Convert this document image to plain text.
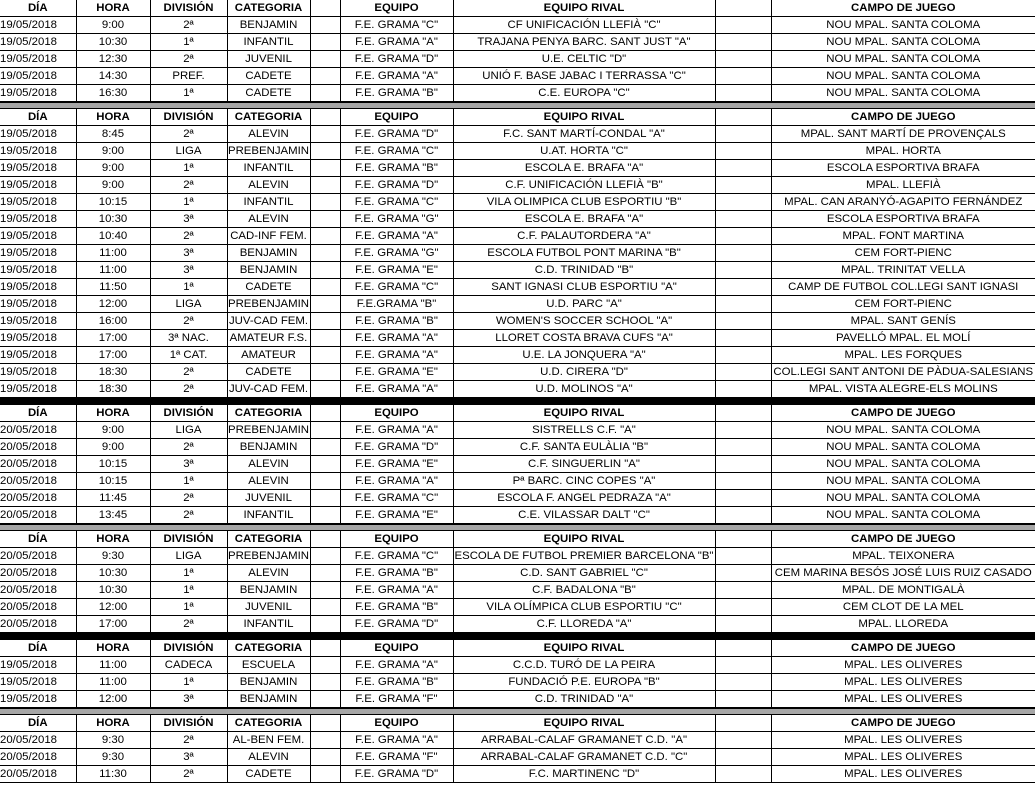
DÍA	HORA	DIVISIÓN	CATEGORIA		EQUIPO	EQUIPO RIVAL		CAMPO DE JUEGO
19/05/2018	9:00	2ª	BENJAMIN		F.E. GRAMA "C"	CF UNIFICACIÓN LLEFIÀ "C"		NOU MPAL. SANTA COLOMA
19/05/2018	10:30	1ª	INFANTIL		F.E. GRAMA "A"	TRAJANA PENYA BARC. SANT JUST "A"		NOU MPAL. SANTA COLOMA
19/05/2018	12:30	2ª	JUVENIL		F.E. GRAMA "D"	U.E. CELTIC "D"		NOU MPAL. SANTA COLOMA
19/05/2018	14:30	PREF.	CADETE		F.E. GRAMA "A"	UNIÓ F. BASE JABAC I TERRASSA "C"		NOU MPAL. SANTA COLOMA
19/05/2018	16:30	1ª	CADETE		F.E. GRAMA "B"	C.E. EUROPA "C"		NOU MPAL. SANTA COLOMA
DÍA	HORA	DIVISIÓN	CATEGORIA		EQUIPO	EQUIPO RIVAL		CAMPO DE JUEGO
19/05/2018	8:45	2ª	ALEVIN		F.E. GRAMA "D"	F.C. SANT MARTÍ-CONDAL "A"		MPAL. SANT MARTÍ DE PROVENÇALS
19/05/2018	9:00	LIGA	PREBENJAMIN		F.E. GRAMA "C"	U.AT. HORTA "C"		MPAL. HORTA
19/05/2018	9:00	1ª	INFANTIL		F.E. GRAMA "B"	ESCOLA E. BRAFA "A"		ESCOLA ESPORTIVA BRAFA
19/05/2018	9:00	2ª	ALEVIN		F.E. GRAMA "D"	C.F. UNIFICACIÓN LLEFIÀ "B"		MPAL. LLEFIÀ
19/05/2018	10:15	1ª	INFANTIL		F.E. GRAMA "C"	VILA OLIMPICA CLUB ESPORTIU "B"		MPAL. CAN ARANYÓ-AGAPITO FERNÁNDEZ
19/05/2018	10:30	3ª	ALEVIN		F.E. GRAMA "G"	ESCOLA E. BRAFA "A"		ESCOLA ESPORTIVA BRAFA
19/05/2018	10:40	2ª	CAD-INF FEM.		F.E. GRAMA "A"	C.F. PALAUTORDERA "A"		MPAL. FONT MARTINA
19/05/2018	11:00	3ª	BENJAMIN		F.E. GRAMA "G"	ESCOLA FUTBOL PONT MARINA "B"		CEM FORT-PIENC
19/05/2018	11:00	3ª	BENJAMIN		F.E. GRAMA "E"	C.D. TRINIDAD "B"		MPAL. TRINITAT VELLA
19/05/2018	11:50	1ª	CADETE		F.E. GRAMA "C"	SANT IGNASI CLUB ESPORTIU "A"		CAMP DE FUTBOL COL.LEGI SANT IGNASI
19/05/2018	12:00	LIGA	PREBENJAMIN		F.E.GRAMA "B"	U.D. PARC "A"		CEM FORT-PIENC
19/05/2018	16:00	2ª	JUV-CAD FEM.		F.E. GRAMA "B"	WOMEN'S SOCCER SCHOOL "A"		MPAL. SANT GENÍS
19/05/2018	17:00	3ª NAC.	AMATEUR F.S.		F.E. GRAMA "A"	LLORET COSTA BRAVA CUFS "A"		PAVELLÓ MPAL. EL MOLÍ
19/05/2018	17:00	1ª CAT.	AMATEUR		F.E. GRAMA "A"	U.E. LA JONQUERA "A"		MPAL. LES FORQUES
19/05/2018	18:30	2ª	CADETE		F.E. GRAMA "E"	U.D. CIRERA "D"		COL.LEGI SANT ANTONI DE PÀDUA-SALESIANS
19/05/2018	18:30	2ª	JUV-CAD FEM.		F.E. GRAMA "A"	U.D. MOLINOS "A"		MPAL. VISTA ALEGRE-ELS MOLINS
DÍA	HORA	DIVISIÓN	CATEGORIA		EQUIPO	EQUIPO RIVAL		CAMPO DE JUEGO
20/05/2018	9:00	LIGA	PREBENJAMIN		F.E. GRAMA "A"	SISTRELLS C.F. "A"		NOU MPAL. SANTA COLOMA
20/05/2018	9:00	2ª	BENJAMIN		F.E. GRAMA "D"	C.F. SANTA EULÀLIA "B"		NOU MPAL. SANTA COLOMA
20/05/2018	10:15	3ª	ALEVIN		F.E. GRAMA "E"	C.F. SINGUERLIN "A"		NOU MPAL. SANTA COLOMA
20/05/2018	10:15	1ª	ALEVIN		F.E. GRAMA "A"	Pª BARC. CINC COPES "A"		NOU MPAL. SANTA COLOMA
20/05/2018	11:45	2ª	JUVENIL		F.E. GRAMA "C"	ESCOLA F. ANGEL PEDRAZA "A"		NOU MPAL. SANTA COLOMA
20/05/2018	13:45	2ª	INFANTIL		F.E. GRAMA "E"	C.E. VILASSAR DALT "C"		NOU MPAL. SANTA COLOMA
DÍA	HORA	DIVISIÓN	CATEGORIA		EQUIPO	EQUIPO RIVAL		CAMPO DE JUEGO
20/05/2018	9:30	LIGA	PREBENJAMIN		F.E. GRAMA "C"	ESCOLA DE FUTBOL PREMIER BARCELONA "B"		MPAL. TEIXONERA
20/05/2018	10:30	1ª	ALEVIN		F.E. GRAMA "B"	C.D. SANT GABRIEL "C"		CEM MARINA BESÓS JOSÉ LUIS RUIZ CASADO
20/05/2018	10:30	1ª	BENJAMIN		F.E. GRAMA "A"	C.F. BADALONA "B"		MPAL. DE MONTIGALÀ
20/05/2018	12:00	1ª	JUVENIL		F.E. GRAMA "B"	VILA OLÍMPICA CLUB ESPORTIU "C"		CEM CLOT DE LA MEL
20/05/2018	17:00	2ª	INFANTIL		F.E. GRAMA "D"	C.F. LLOREDA "A"		MPAL. LLOREDA
DÍA	HORA	DIVISIÓN	CATEGORIA		EQUIPO	EQUIPO RIVAL		CAMPO DE JUEGO
19/05/2018	11:00	CADECA	ESCUELA		F.E. GRAMA "A"	C.C.D. TURÓ DE LA PEIRA		MPAL. LES OLIVERES
19/05/2018	11:00	1ª	BENJAMIN		F.E. GRAMA "B"	FUNDACIÓ P.E. EUROPA "B"		MPAL. LES OLIVERES
19/05/2018	12:00	3ª	BENJAMIN		F.E. GRAMA "F"	C.D. TRINIDAD "A"		MPAL. LES OLIVERES
DÍA	HORA	DIVISIÓN	CATEGORIA		EQUIPO	EQUIPO RIVAL		CAMPO DE JUEGO
20/05/2018	9:30	2ª	AL-BEN FEM.		F.E. GRAMA "A"	ARRABAL-CALAF GRAMANET C.D. "A"		MPAL. LES OLIVERES
20/05/2018	9:30	3ª	ALEVIN		F.E. GRAMA "F"	ARRABAL-CALAF GRAMANET C.D. "C"		MPAL. LES OLIVERES
20/05/2018	11:30	2ª	CADETE		F.E. GRAMA "D"	F.C. MARTINENC "D"		MPAL. LES OLIVERES
